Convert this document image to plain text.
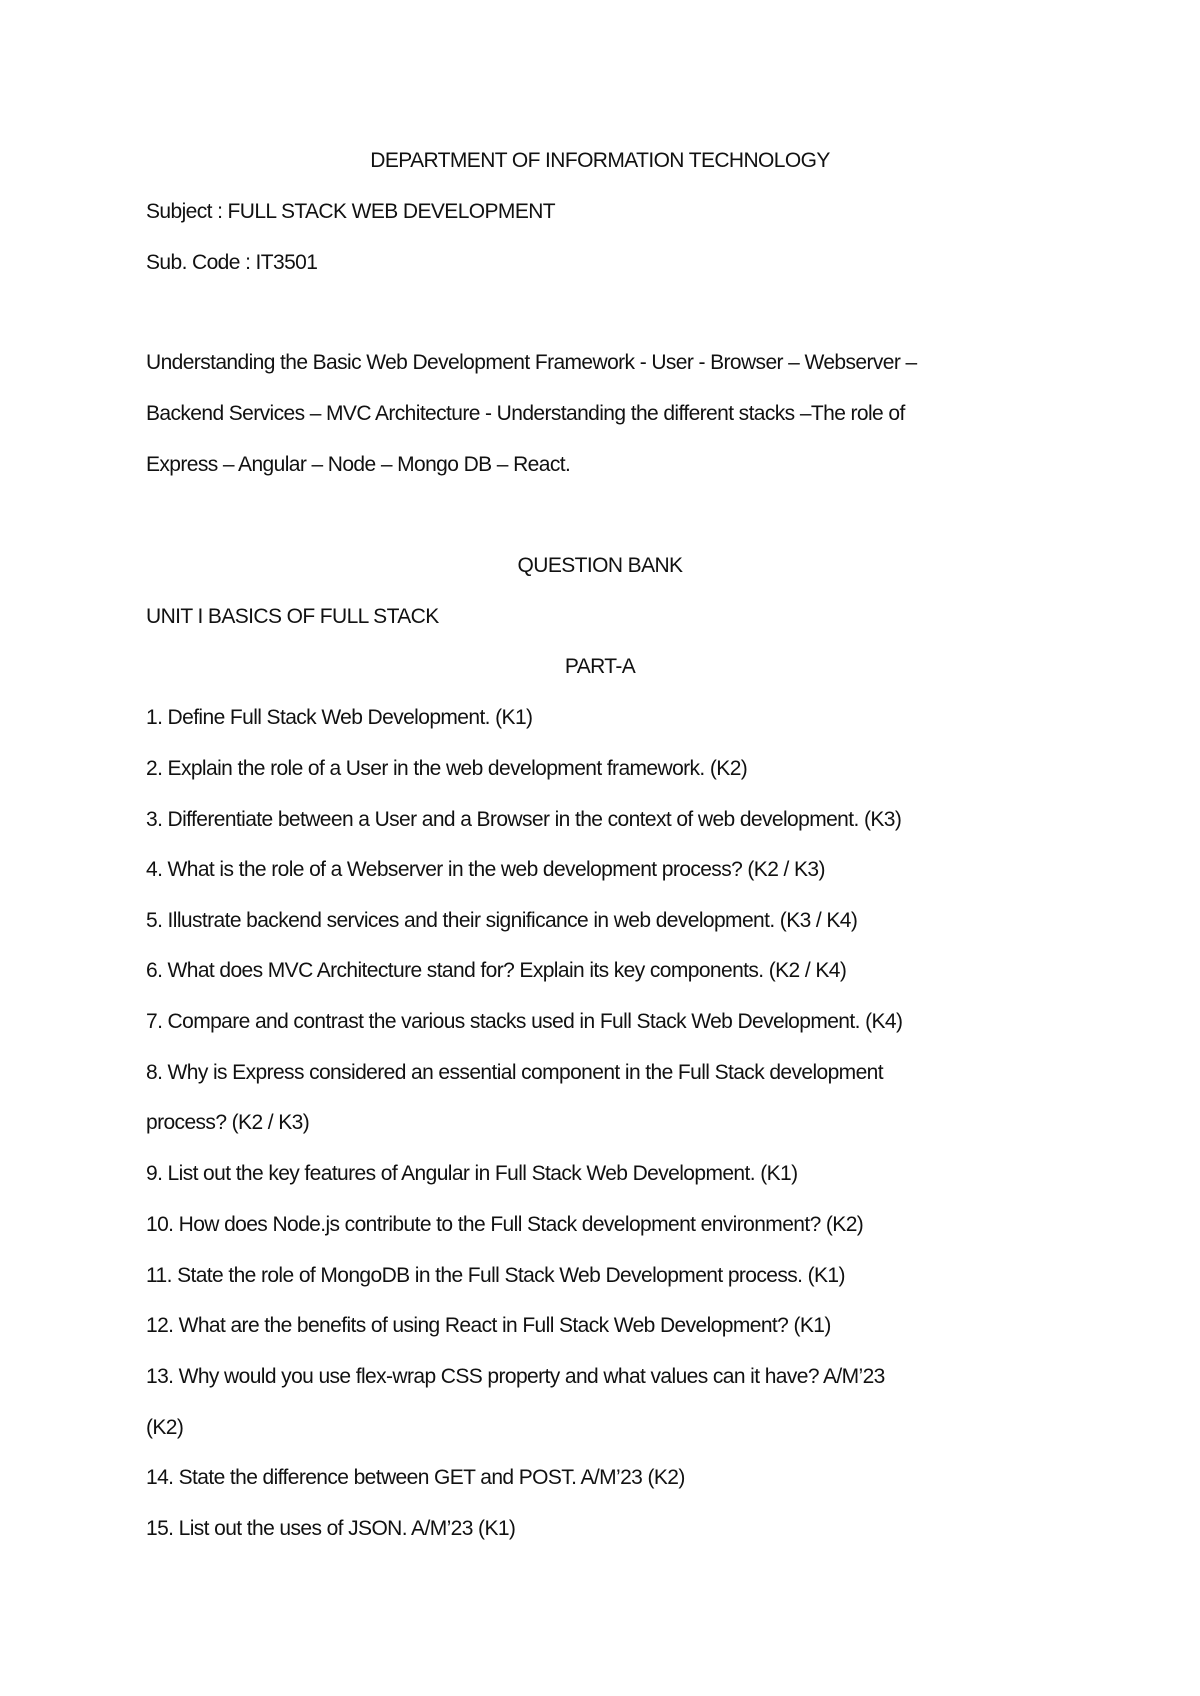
DEPARTMENT OF INFORMATION TECHNOLOGY
Subject : FULL STACK WEB DEVELOPMENT
Sub. Code : IT3501
Understanding the Basic Web Development Framework - User - Browser – Webserver –
Backend Services – MVC Architecture - Understanding the different stacks –The role of
Express – Angular – Node – Mongo DB – React.
QUESTION BANK
UNIT I BASICS OF FULL STACK
PART-A
1. Define Full Stack Web Development. (K1)
2. Explain the role of a User in the web development framework. (K2)
3. Differentiate between a User and a Browser in the context of web development. (K3)
4. What is the role of a Webserver in the web development process? (K2 / K3)
5. Illustrate backend services and their significance in web development. (K3 / K4)
6. What does MVC Architecture stand for? Explain its key components. (K2 / K4)
7. Compare and contrast the various stacks used in Full Stack Web Development. (K4)
8. Why is Express considered an essential component in the Full Stack development
process? (K2 / K3)
9. List out the key features of Angular in Full Stack Web Development. (K1)
10. How does Node.js contribute to the Full Stack development environment? (K2)
11. State the role of MongoDB in the Full Stack Web Development process. (K1)
12. What are the benefits of using React in Full Stack Web Development? (K1)
13. Why would you use flex-wrap CSS property and what values can it have? A/M’23
(K2)
14. State the difference between GET and POST. A/M’23 (K2)
15. List out the uses of JSON. A/M’23 (K1)
